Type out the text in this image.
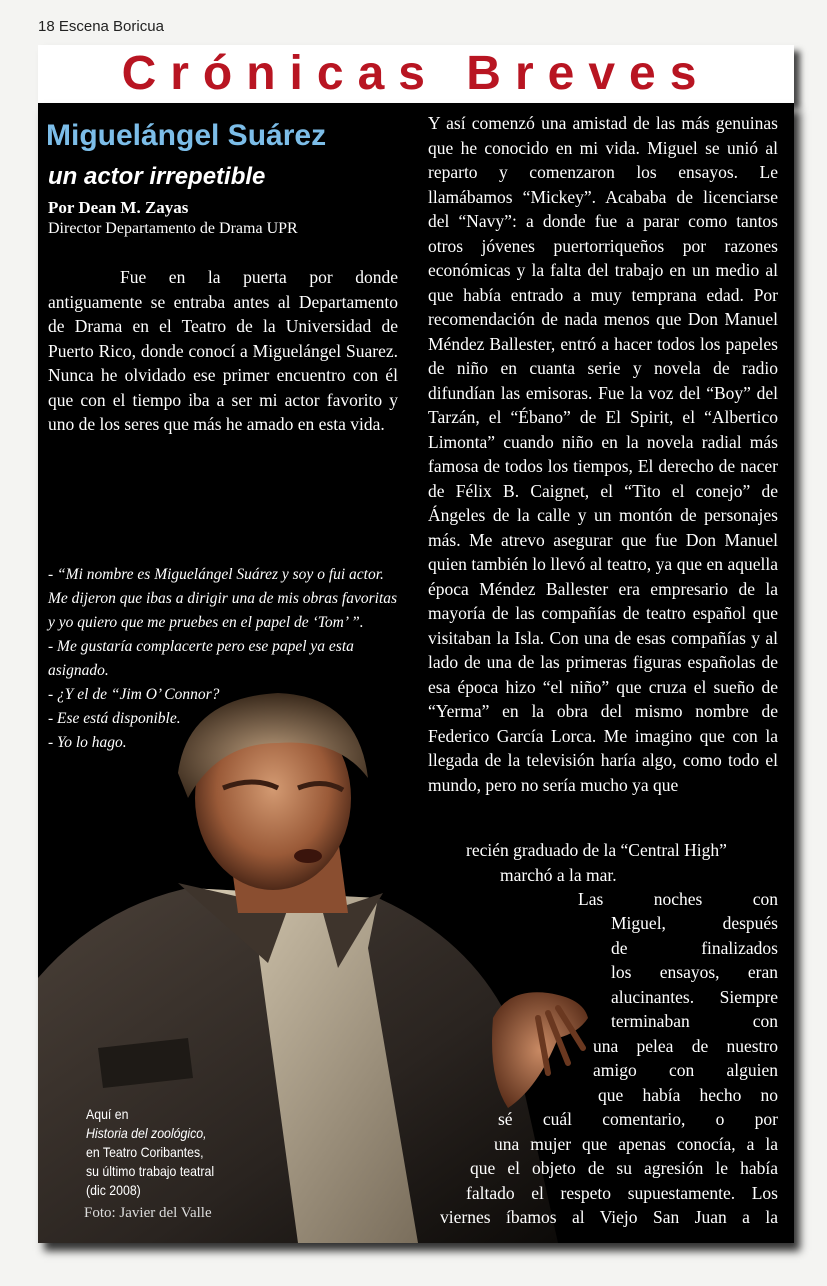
18 Escena Boricua
Crónicas Breves
Miguelángel Suárez
un actor irrepetible
Por Dean M. Zayas
Director Departamento de Drama UPR

Fue en la puerta por donde antiguamente se entraba antes al Departamento de Drama en el Teatro de la Universidad de Puerto Rico, donde conocí a Miguelángel Suarez. Nunca he olvidado ese primer encuentro con él que con el tiempo iba a ser mi actor favorito y uno de los seres que más he amado en esta vida.

- “Mi nombre es Miguelángel Suárez y soy o fui actor. Me dijeron que ibas a dirigir una de mis obras favoritas y yo quiero que me pruebes en el papel de ‘Tom’ ”.
- Me gustaría complacerte pero ese papel ya esta asignado.
- ¿Y el de “Jim O’ Connor?
- Ese está disponible.
- Yo lo hago.
Y así comenzó una amistad de las más genuinas que he conocido en mi vida. Miguel se unió al reparto y comenzaron los ensayos. Le llamábamos “Mickey”. Acababa de licenciarse del “Navy”: a donde fue a parar como tantos otros jóvenes puertorriqueños por razones económicas y la falta del trabajo en un medio al que había entrado a muy temprana edad. Por recomendación de nada menos que Don Manuel Méndez Ballester, entró a hacer todos los papeles de niño en cuanta serie y novela de radio difundían las emisoras. Fue la voz del “Boy” del Tarzán, el “Ébano” de El Spirit, el “Albertico Limonta” cuando niño en la novela radial más famosa de todos los tiempos, El derecho de nacer de Félix B. Caignet, el “Tito el conejo” de Ángeles de la calle y un montón de personajes más. Me atrevo asegurar que fue Don Manuel quien también lo llevó al teatro, ya que en aquella época Méndez Ballester era empresario de la mayoría de las compañías de teatro español que visitaban la Isla. Con una de esas compañías y al lado de una de las primeras figuras españolas de esa época hizo “el niño” que cruza el sueño de “Yerma” en la obra del mismo nombre de Federico García Lorca. Me imagino que con la llegada de la televisión haría algo, como todo el mundo, pero no sería mucho ya que
recién graduado de la “Central High”
marchó a la mar.
Las noches con
Miguel, después
de finalizados
los ensayos, eran
alucinantes. Siempre
terminaban con
una pelea de nuestro
amigo con alguien
que había hecho no
sé cuál comentario, o por
una mujer que apenas conocía, a la
que el objeto de su agresión le había
faltado el respeto supuestamente. Los
viernes íbamos al Viejo San Juan a la
Aquí en
Historia del zoológico,
en Teatro Coribantes,
su último trabajo teatral
(dic 2008)
Foto: Javier del Valle
